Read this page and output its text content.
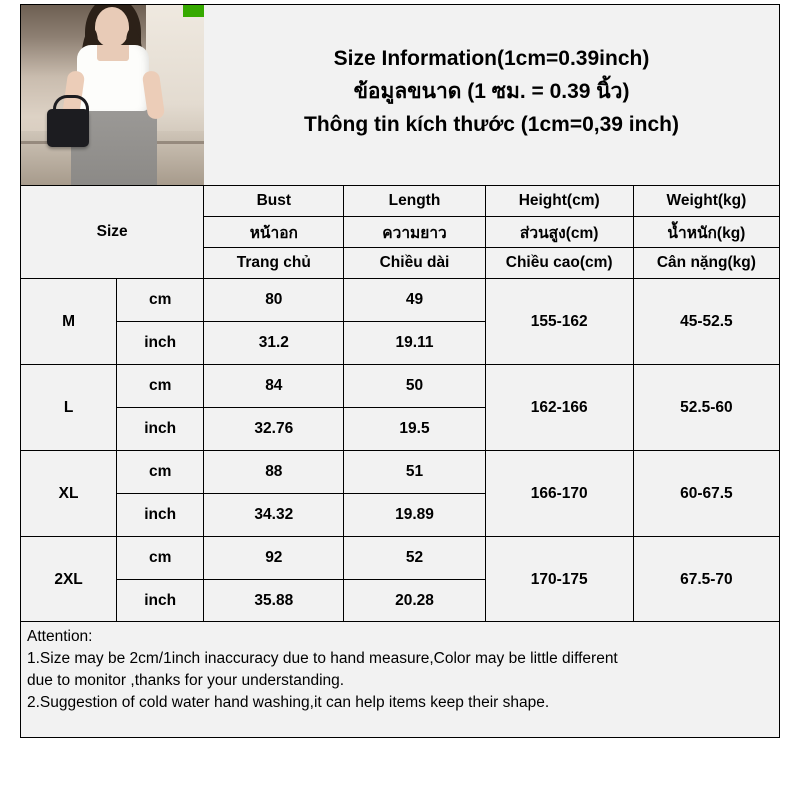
Size Information(1cm=0.39inch)
ข้อมูลขนาด (1 ซม. = 0.39 นิ้ว)
Thông tin kích thước (1cm=0,39 inch)
Size		Bust	Length	Height(cm)	Weight(kg)
		หน้าอก	ความยาว	ส่วนสูง(cm)	น้ำหนัก(kg)
		Trang chủ	Chiều dài	Chiều cao(cm)	Cân nặng(kg)
M	cm	80	49	155-162	45-52.5
	inch	31.2	19.11		
L	cm	84	50	162-166	52.5-60
	inch	32.76	19.5		
XL	cm	88	51	166-170	60-67.5
	inch	34.32	19.89		
2XL	cm	92	52	170-175	67.5-70
	inch	35.88	20.28		

Attention:

1.Size may be 2cm/1inch inaccuracy due to hand measure,Color may be little different

due to monitor ,thanks for your understanding.

2.Suggestion of cold water hand washing,it can help items keep their shape.
